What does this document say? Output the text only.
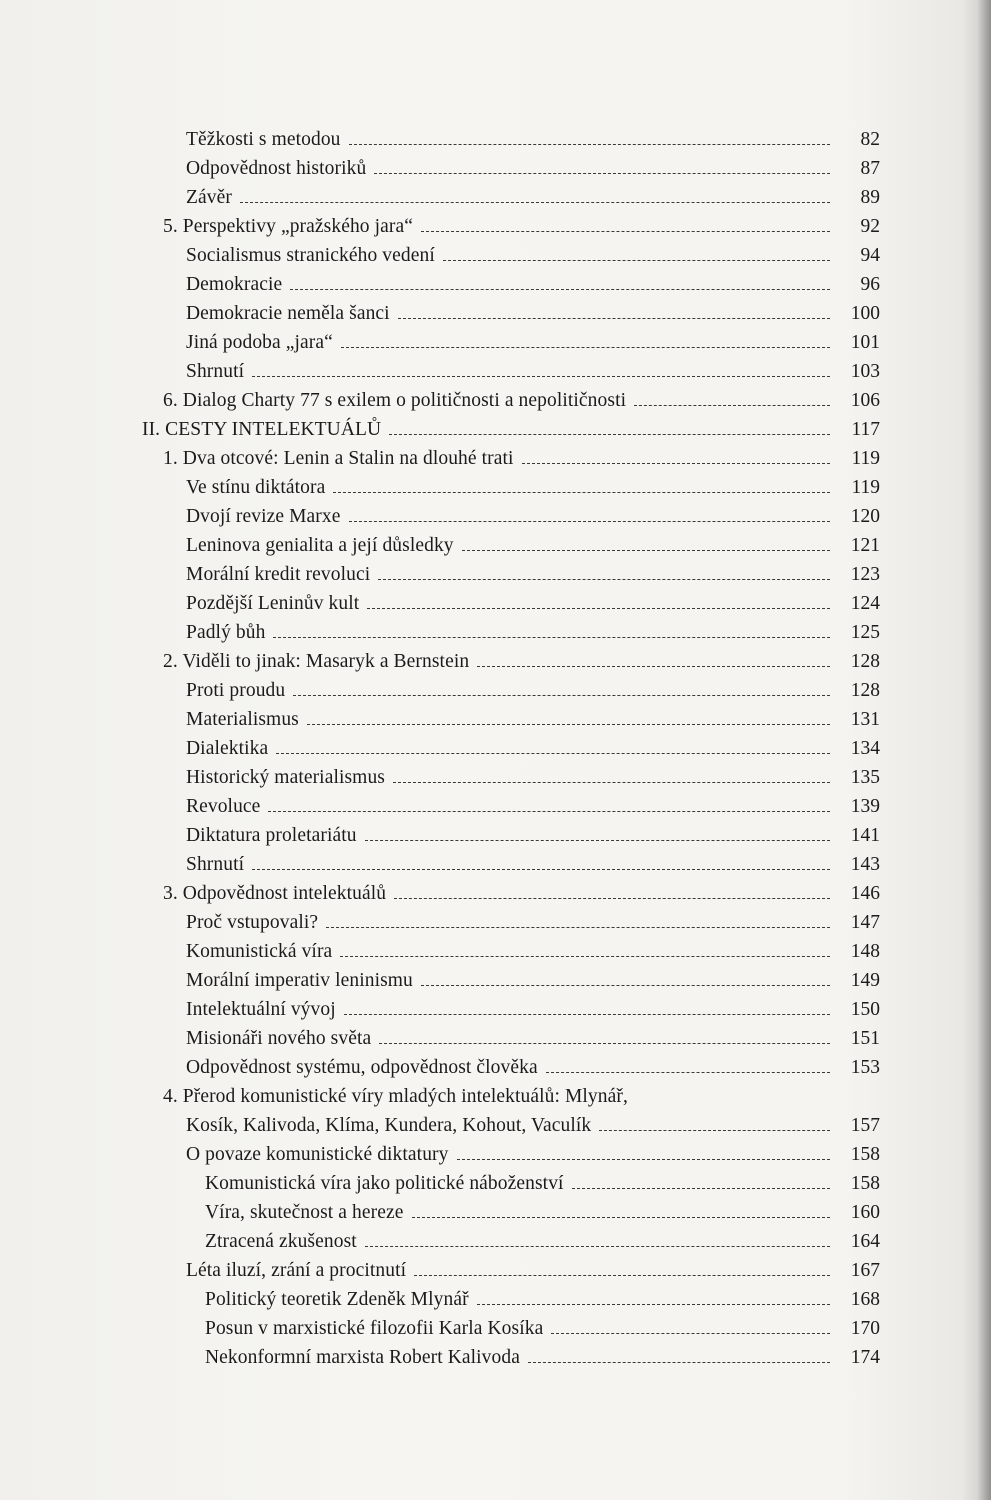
Těžkosti s metodou	82
Odpovědnost historiků	87
Závěr	89
5. Perspektivy „pražského jara“	92
Socialismus stranického vedení	94
Demokracie	96
Demokracie neměla šanci	100
Jiná podoba „jara“	101
Shrnutí	103
6. Dialog Charty 77 s exilem o političnosti a nepolitičnosti	106
II. CESTY INTELEKTUÁLŮ	117
1. Dva otcové: Lenin a Stalin na dlouhé trati	119
Ve stínu diktátora	119
Dvojí revize Marxe	120
Leninova genialita a její důsledky	121
Morální kredit revoluci	123
Pozdější Leninův kult	124
Padlý bůh	125
2. Viděli to jinak: Masaryk a Bernstein	128
Proti proudu	128
Materialismus	131
Dialektika	134
Historický materialismus	135
Revoluce	139
Diktatura proletariátu	141
Shrnutí	143
3. Odpovědnost intelektuálů	146
Proč vstupovali?	147
Komunistická víra	148
Morální imperativ leninismu	149
Intelektuální vývoj	150
Misionáři nového světa	151
Odpovědnost systému, odpovědnost člověka	153
4. Přerod komunistické víry mladých intelektuálů: Mlynář,
Kosík, Kalivoda, Klíma, Kundera, Kohout, Vaculík	157
O povaze komunistické diktatury	158
Komunistická víra jako politické náboženství	158
Víra, skutečnost a hereze	160
Ztracená zkušenost	164
Léta iluzí, zrání a procitnutí	167
Politický teoretik Zdeněk Mlynář	168
Posun v marxistické filozofii Karla Kosíka	170
Nekonformní marxista Robert Kalivoda	174
